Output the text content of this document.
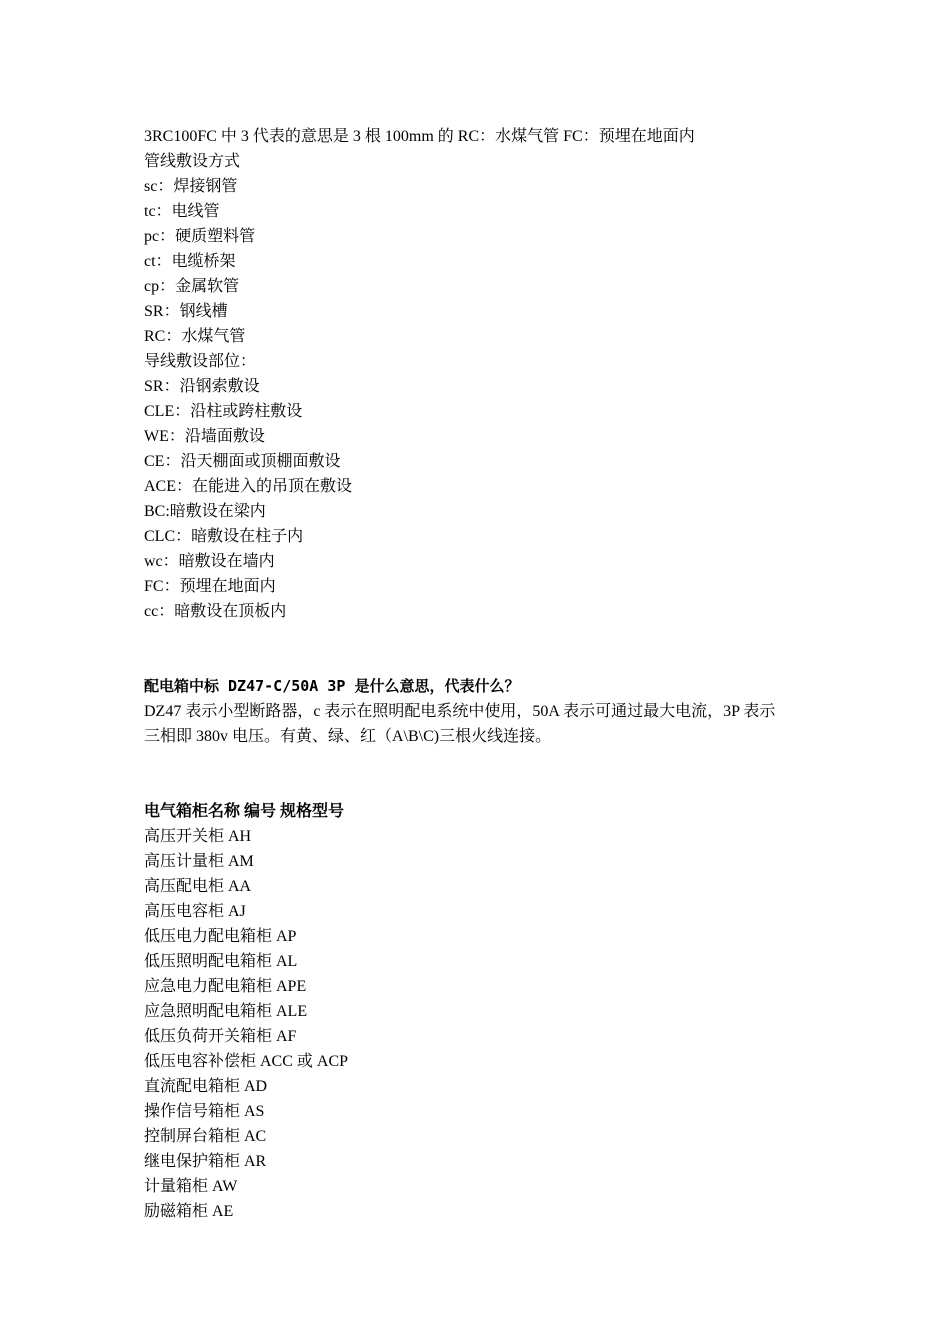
3RC100FC 中 3 代表的意思是 3 根 100mm 的 RC：水煤气管 FC：预埋在地面内
管线敷设方式
sc：焊接钢管
tc：电线管
pc：硬质塑料管
ct：电缆桥架
cp：金属软管
SR：钢线槽
RC：水煤气管
导线敷设部位：
SR：沿钢索敷设
CLE：沿柱或跨柱敷设
WE：沿墙面敷设
CE：沿天棚面或顶棚面敷设
ACE：在能进入的吊顶在敷设
BC:暗敷设在梁内
CLC：暗敷设在柱子内
wc：暗敷设在墙内
FC：预埋在地面内
cc：暗敷设在顶板内
配电箱中标 DZ47-C/50A 3P 是什么意思，代表什么？
DZ47 表示小型断路器，c 表示在照明配电系统中使用，50A 表示可通过最大电流，3P 表示
三相即 380v 电压。有黄、绿、红（A\B\C)三根火线连接。
电气箱柜名称 编号 规格型号
高压开关柜 AH
高压计量柜 AM
高压配电柜 AA
高压电容柜 AJ
低压电力配电箱柜 AP
低压照明配电箱柜 AL
应急电力配电箱柜 APE
应急照明配电箱柜 ALE
低压负荷开关箱柜 AF
低压电容补偿柜 ACC 或 ACP
直流配电箱柜 AD
操作信号箱柜 AS
控制屏台箱柜 AC
继电保护箱柜 AR
计量箱柜 AW
励磁箱柜 AE
